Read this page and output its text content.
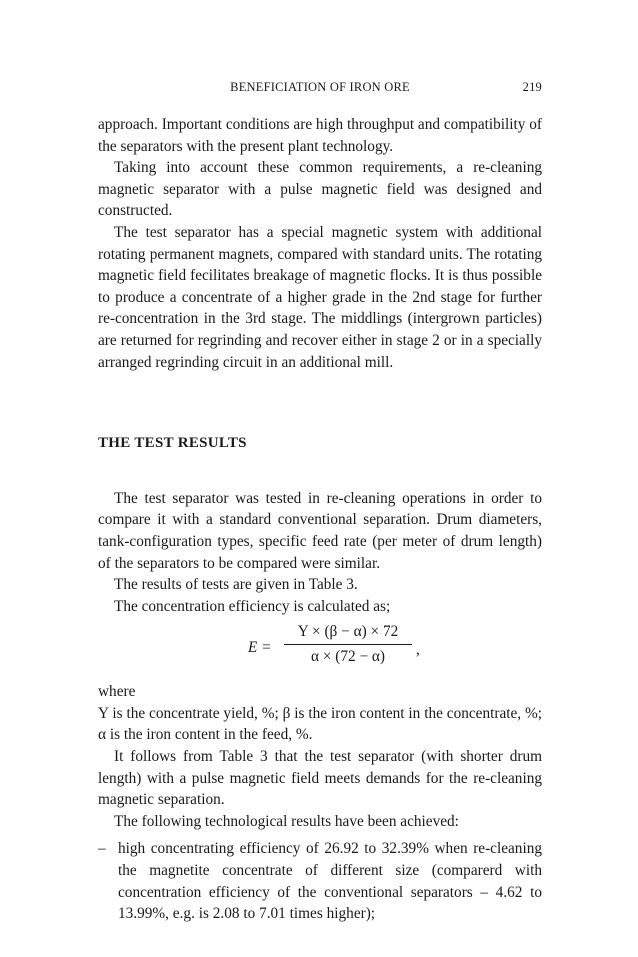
BENEFICIATION OF IRON ORE	219

approach. Important conditions are high throughput and compatibility of the separators with the present plant technology.

Taking into account these common requirements, a re-cleaning magnetic separator with a pulse magnetic field was designed and constructed.

The test separator has a special magnetic system with additional rotating permanent magnets, compared with standard units. The rotating magnetic field fecilitates breakage of magnetic flocks. It is thus possible to produce a concentrate of a higher grade in the 2nd stage for further re-concentration in the 3rd stage. The middlings (intergrown particles) are returned for regrinding and recover either in stage 2 or in a specially arranged regrinding circuit in an additional mill.

THE TEST RESULTS

The test separator was tested in re-cleaning operations in order to compare it with a standard conventional separation. Drum diameters, tank-configuration types, specific feed rate (per meter of drum length) of the separators to be compared were similar.

The results of tests are given in Table 3.

The concentration efficiency is calculated as;

E =
Y × (β − α) × 72
α × (72 − α)	,

where

Y is the concentrate yield, %; β is the iron content in the concentrate, %; α is the iron content in the feed, %.

It follows from Table 3 that the test separator (with shorter drum length) with a pulse magnetic field meets demands for the re-cleaning magnetic separation.

The following technological results have been achieved:

– high concentrating efficiency of 26.92 to 32.39% when re-cleaning the magnetite concentrate of different size (comparerd with concentration efficiency of the conventional separators – 4.62 to 13.99%, e.g. is 2.08 to 7.01 times higher);
